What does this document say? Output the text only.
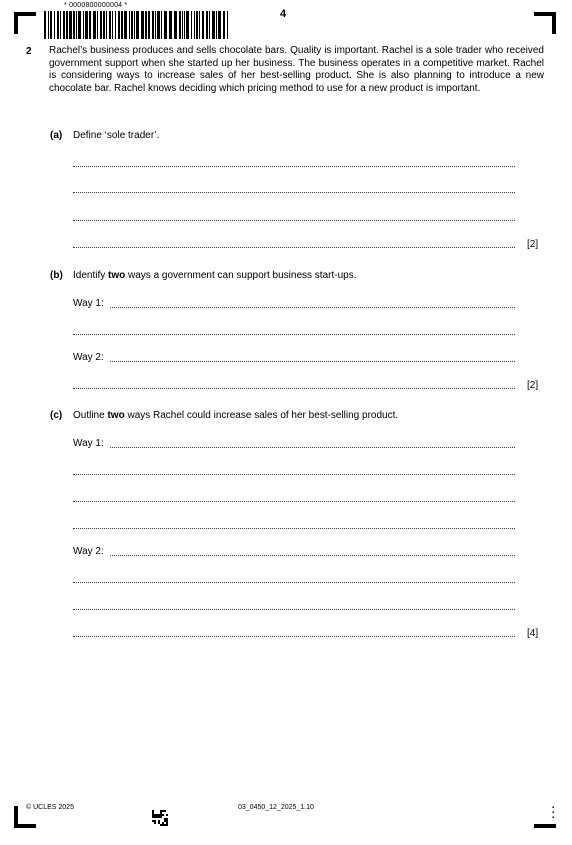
* 0000800000004 *
4
2 Rachel’s business produces and sells chocolate bars. Quality is important. Rachel is a sole trader who received government support when she started up her business. The business operates in a competitive market. Rachel is considering ways to increase sales of her best-selling product. She is also planning to introduce a new chocolate bar. Rachel knows deciding which pricing method to use for a new product is important.
(a) Define ‘sole trader’.
[2]
(b) Identify two ways a government can support business start-ups.
Way 1:
Way 2:
[2]
(c) Outline two ways Rachel could increase sales of her best-selling product.
Way 1:
Way 2:
[4]
© UCLES 2025	03_0450_12_2025_1.10	▪
▪
▪
